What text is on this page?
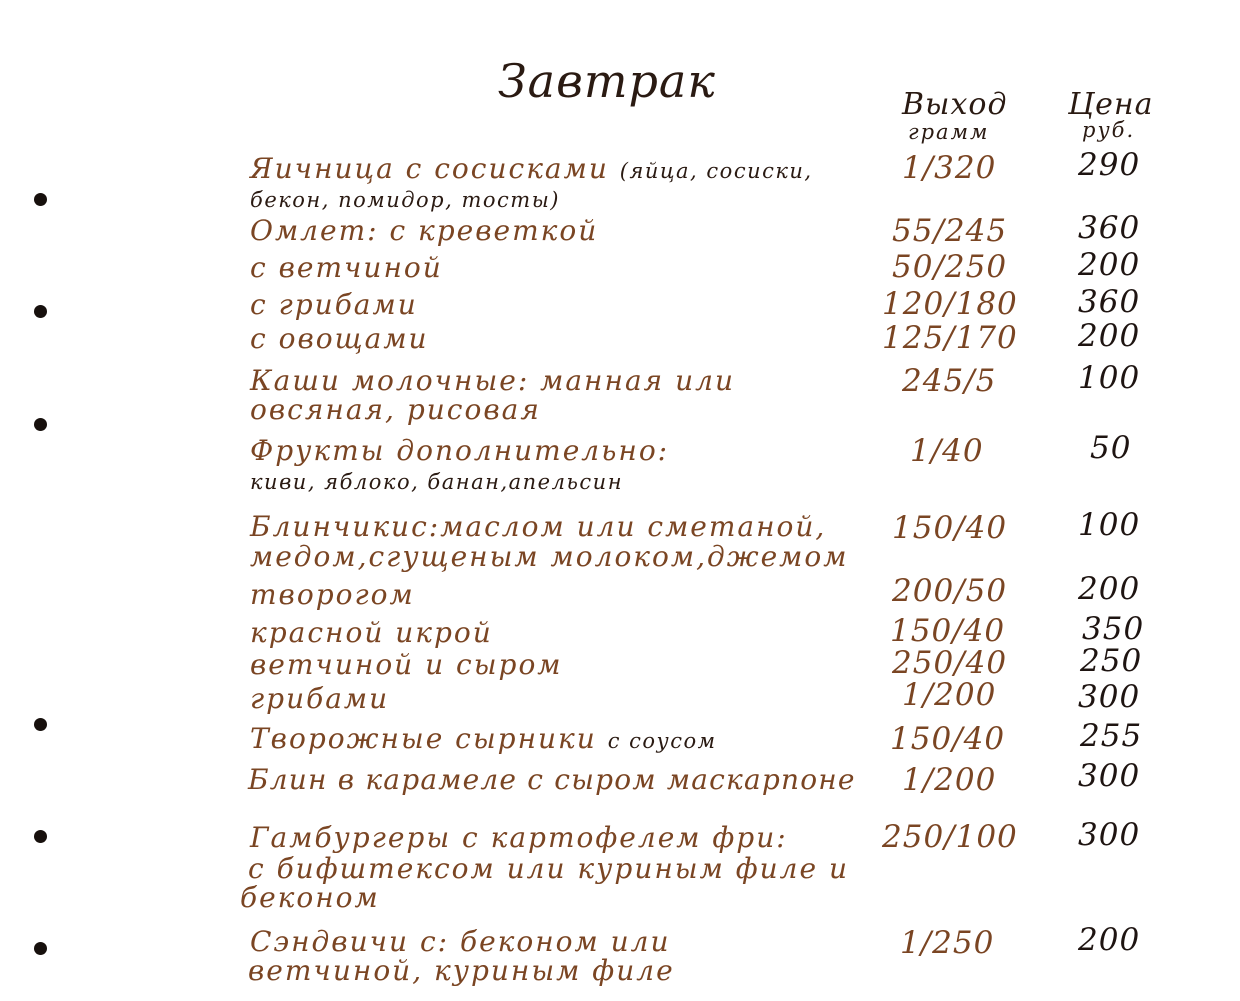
Завтрак	Выход
грамм
Цена
руб.
Яичница с сосисками (яйца, сосиски,
бекон, помидор, тосты)
1/320	290
Омлет: с креветкой	55/245 360
с ветчиной	50/250 200
с грибами	120/180 360
с овощами	125/170 200
Каши молочные: манная или
овсяная, рисовая
245/5	100
Фрукты дополнительно:
киви, яблоко, банан,апельсин
1/40	50
Блинчикис:маслом или сметаной,
медом,сгущеным молоком,джемом
150/40 100
творогом	200/50 200
красной икрой	150/40 350
ветчиной и сыром	250/40 250
грибами	1/200	300
Творожные сырники с соусом	150/40 255
Блин в карамеле с сыром маскарпоне 1/200	300
Гамбургеры с картофелем фри:
с бифштексом или куриным филе и
беконом
250/100 300
Сэндвичи с: беконом или
ветчиной, куриным филе
1/250	200
